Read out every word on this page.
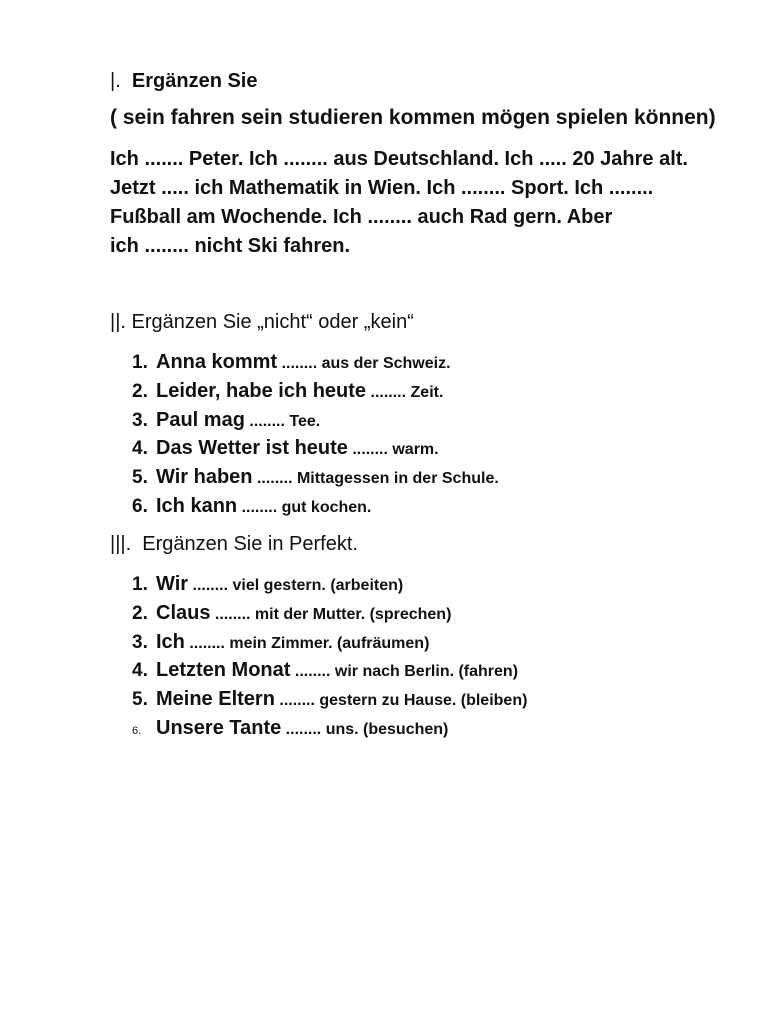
|. Ergänzen Sie
( sein fahren sein studieren kommen mögen spielen können)
Ich ....... Peter. Ich ........ aus Deutschland. Ich ..... 20 Jahre alt.
Jetzt ..... ich Mathematik in Wien. Ich ........ Sport. Ich ........
Fußball am Wochende. Ich ........ auch Rad gern. Aber
ich ........ nicht Ski fahren.
||. Ergänzen Sie „nicht“ oder „kein“
1. Anna kommt ........ aus der Schweiz.
2. Leider, habe ich heute ........ Zeit.
3. Paul mag ........ Tee.
4. Das Wetter ist heute ........ warm.
5. Wir haben ........ Mittagessen in der Schule.
6. Ich kann ........ gut kochen.
|||. Ergänzen Sie in Perfekt.
1. Wir ........ viel gestern. (arbeiten)
2. Claus ........ mit der Mutter. (sprechen)
3. Ich ........ mein Zimmer. (aufräumen)
4. Letzten Monat ........ wir nach Berlin. (fahren)
5. Meine Eltern ........ gestern zu Hause. (bleiben)
6. Unsere Tante ........ uns. (besuchen)
